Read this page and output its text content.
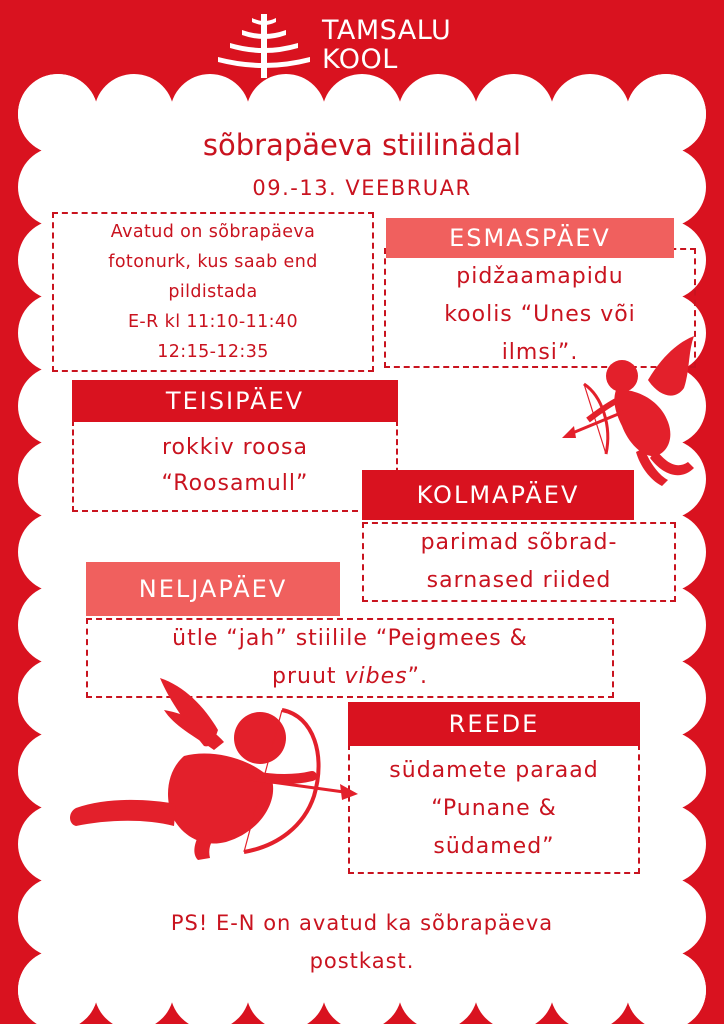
TAMSALU
KOOL
sõbrapäeva stiilinädal
09.-13. VEEBRUAR
Avatud on sõbrapäeva
fotonurk, kus saab end
pildistada
E-R kl 11:10-11:40
12:15-12:35
pidžaamapidu
koolis “Unes või
ilmsi”.
ESMASPÄEV
rokkiv roosa
“Roosamull”
TEISIPÄEV
parimad sõbrad-
sarnased riided
KOLMAPÄEV
ütle “jah” stiilile “Peigmees &
pruut vibes”.
NELJAPÄEV
südamete paraad
“Punane &
südamed”
REEDE
PS! E-N on avatud ka sõbrapäeva
postkast.
